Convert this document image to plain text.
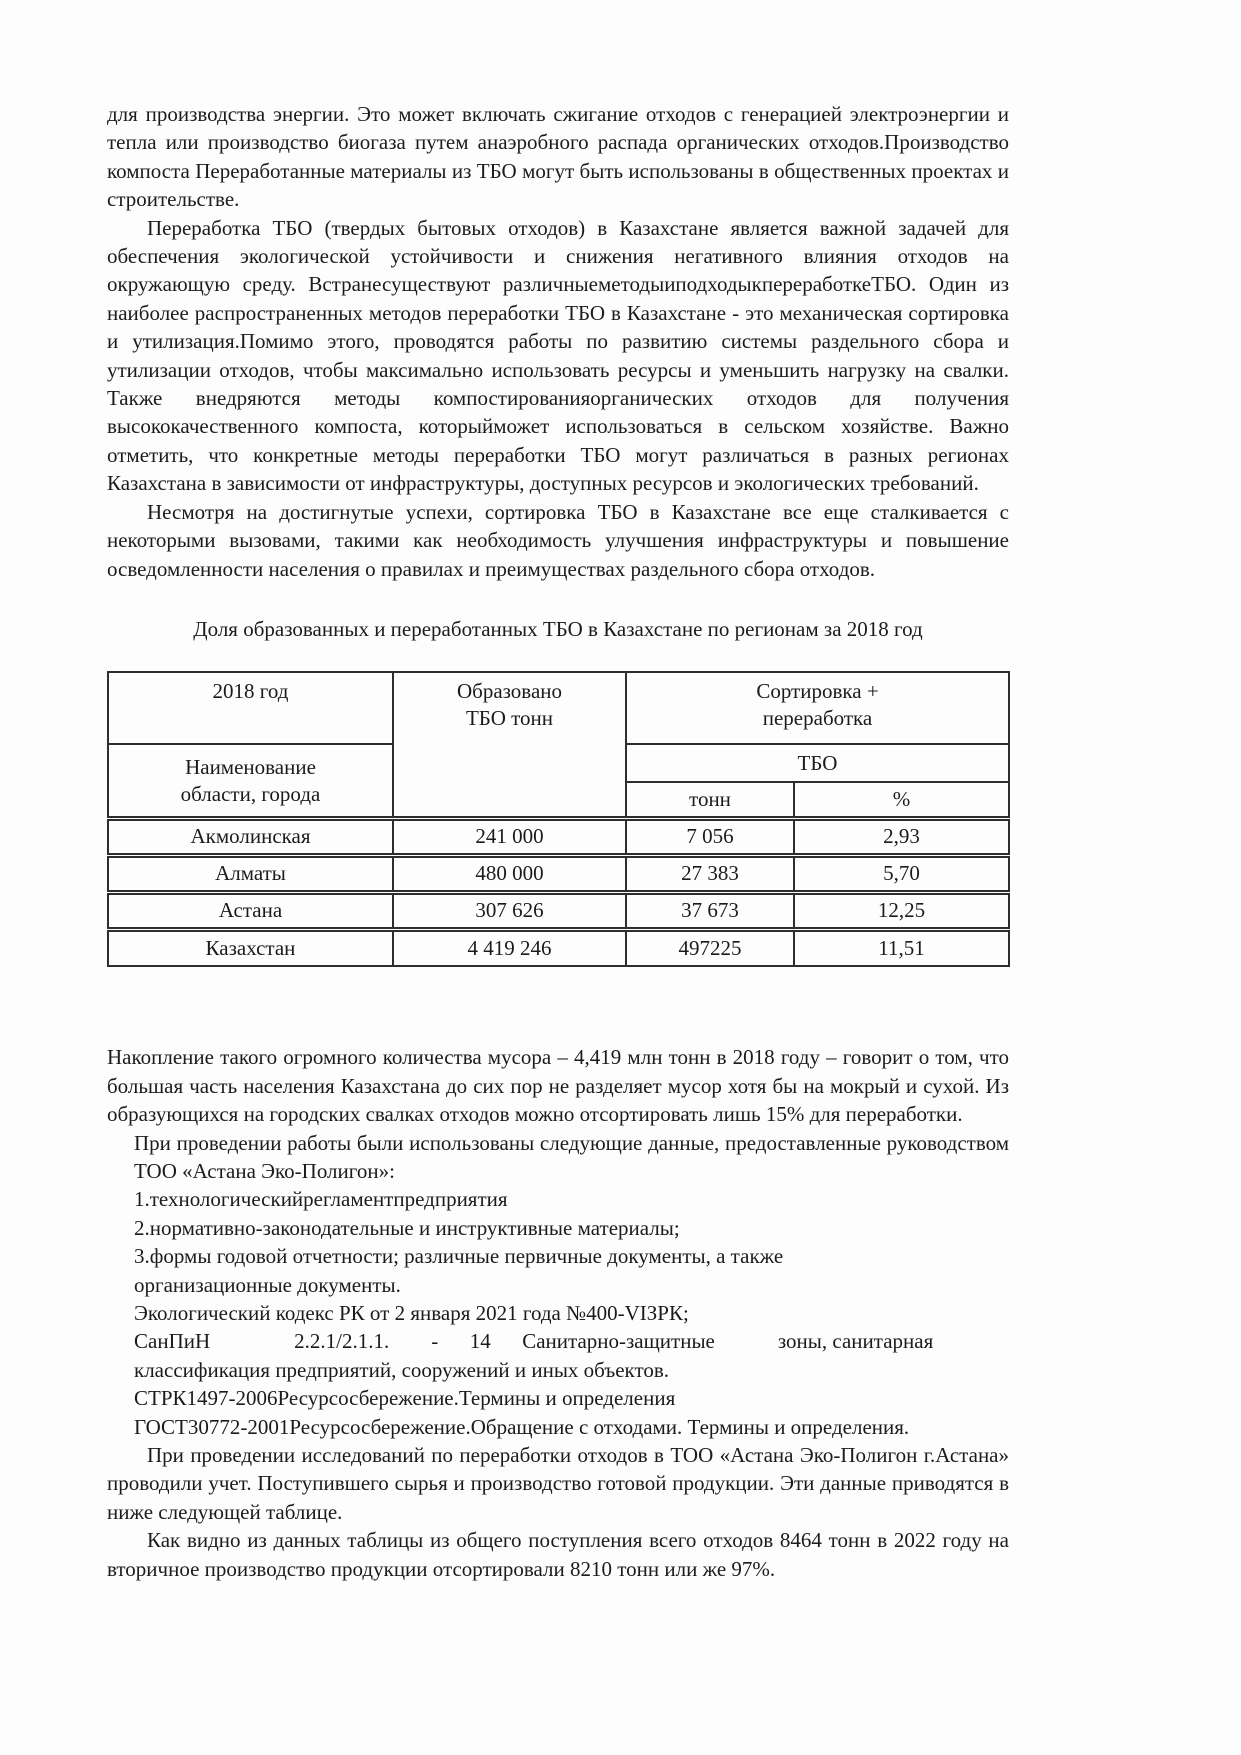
для производства энергии. Это может включать сжигание отходов с генерацией электроэнергии и тепла или производство биогаза путем анаэробного распада органических отходов.Производство компоста Переработанные материалы из ТБО могут быть использованы в общественных проектах и строительстве.

Переработка ТБО (твердых бытовых отходов) в Казахстане является важной задачей для обеспечения экологической устойчивости и снижения негативного влияния отходов на окружающую среду. Встранесуществуют различныеметодыиподходыкпереработкеТБО. Один из наиболее распространенных методов переработки ТБО в Казахстане - это механическая сортировка и утилизация.Помимо этого, проводятся работы по развитию системы раздельного сбора и утилизации отходов, чтобы максимально использовать ресурсы и уменьшить нагрузку на свалки. Также внедряются методы компостированияорганических отходов для получения высококачественного компоста, которыйможет использоваться в сельском хозяйстве. Важно отметить, что конкретные методы переработки ТБО могут различаться в разных регионах Казахстана в зависимости от инфраструктуры, доступных ресурсов и экологических требований.

Несмотря на достигнутые успехи, сортировка ТБО в Казахстане все еще сталкивается с некоторыми вызовами, такими как необходимость улучшения инфраструктуры и повышение осведомленности населения о правилах и преимуществах раздельного сбора отходов.

Доля образованных и переработанных ТБО в Казахстане по регионам за 2018 год
2018 год	Образовано ТБО тонн	Сортировка + переработка	
Наименование области, города		ТБО	
		тонн	%
Акмолинская	241 000	7 056	2,93
Алматы	480 000	27 383	5,70
Астана	307 626	37 673	12,25
Казахстан	4 419 246	497225	11,51

Накопление такого огромного количества мусора – 4,419 млн тонн в 2018 году – говорит о том, что большая часть населения Казахстана до сих пор не разделяет мусор хотя бы на мокрый и сухой. Из образующихся на городских свалках отходов можно отсортировать лишь 15% для переработки.

При проведении работы были использованы следующие данные, предоставленные руководством ТОО «Астана Эко-Полигон»:

1.технологическийрегламентпредприятия
2.нормативно-законодательные и инструктивные материалы;
3.формы годовой отчетности; различные первичные документы, а также
организационные документы.
Экологический кодекс РК от 2 января 2021 года №400-VIЗРК;
СанПиН                2.2.1/2.1.1.        -      14      Санитарно-защитные            зоны, санитарная
классификация предприятий, сооружений и иных объектов.
СТРК1497-2006Ресурсосбережение.Термины и определения
ГОСТ30772-2001Ресурсосбережение.Обращение с отходами. Термины и определения.

При проведении исследований по переработки отходов в ТОО «Астана Эко-Полигон г.Астана» проводили учет. Поступившего сырья и производство готовой продукции. Эти данные приводятся в ниже следующей таблице.

Как видно из данных таблицы из общего поступления всего отходов 8464 тонн в 2022 году на вторичное производство продукции отсортировали 8210 тонн или же 97%.
